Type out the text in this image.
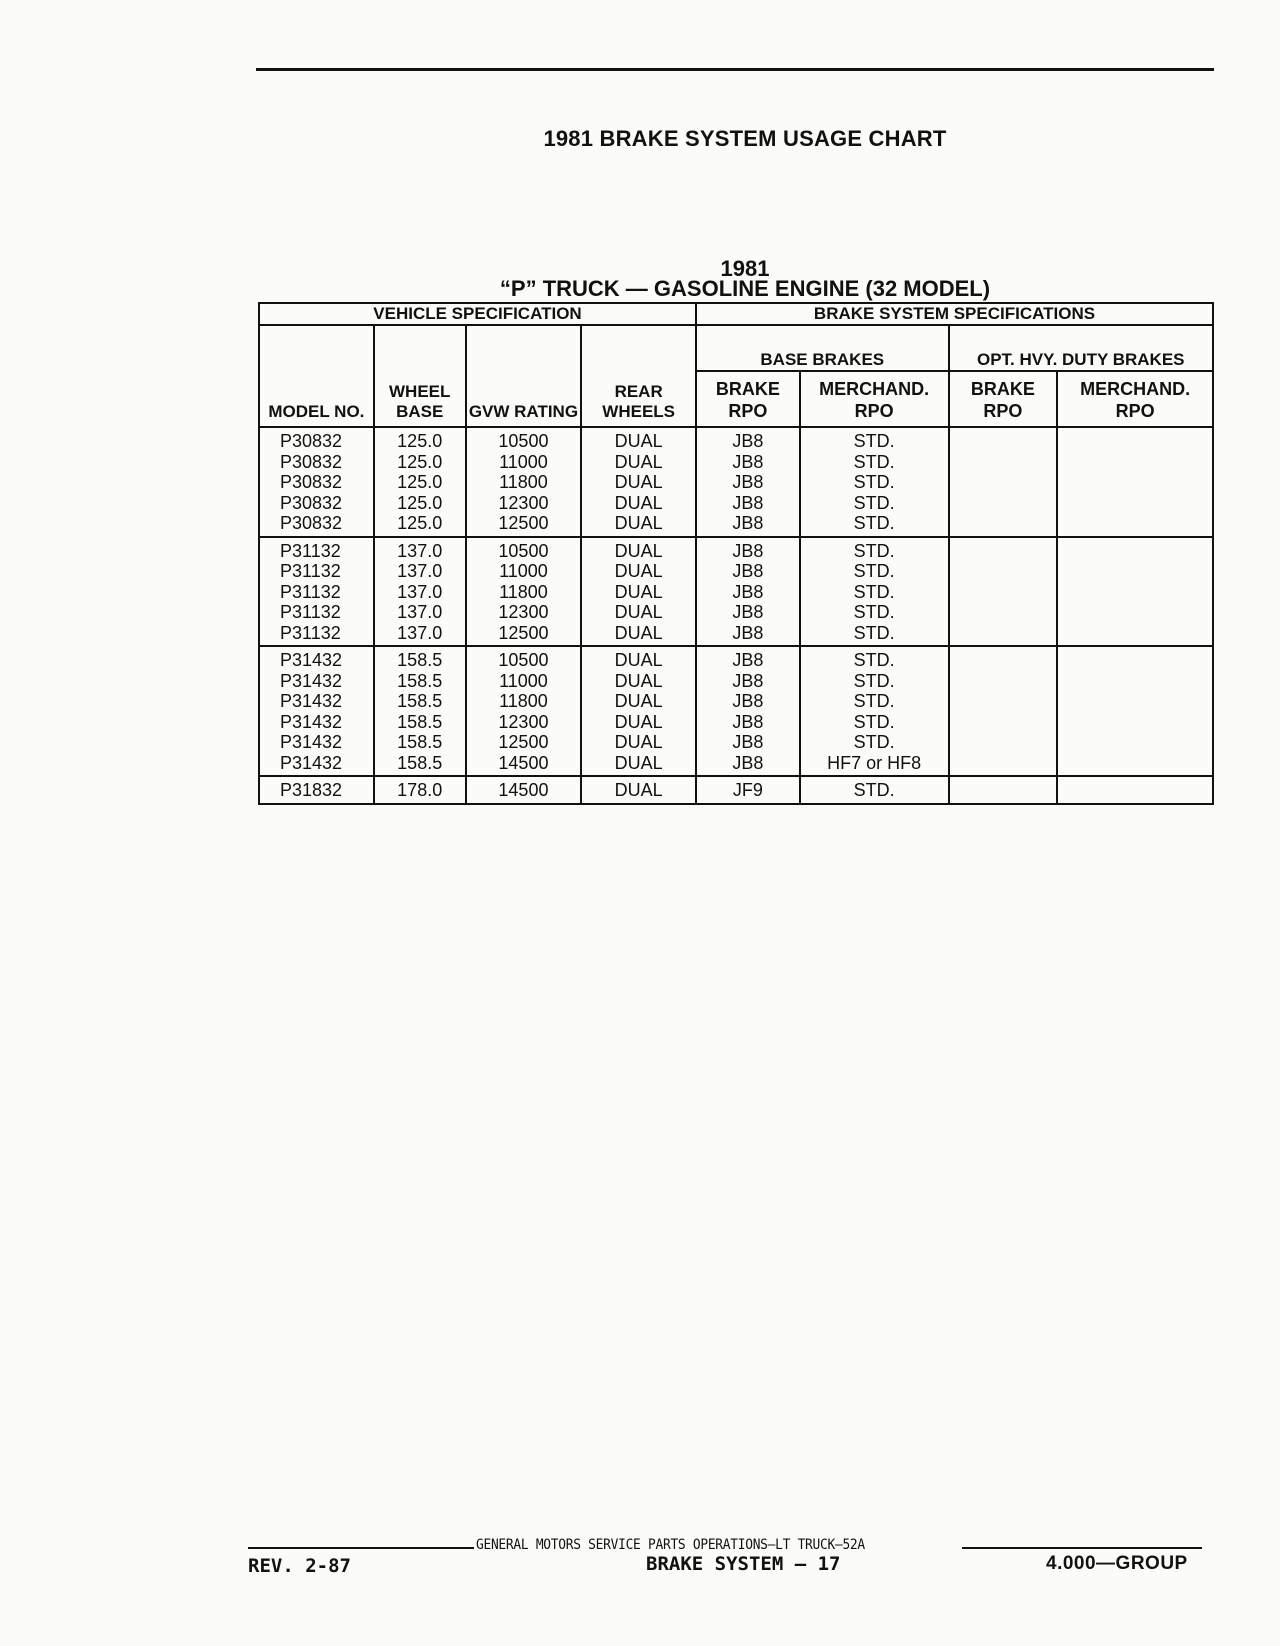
1981 BRAKE SYSTEM USAGE CHART
1981
“P” TRUCK — GASOLINE ENGINE (32 MODEL)
VEHICLE SPECIFICATION				BRAKE SYSTEM SPECIFICATIONS			
MODEL NO.	WHEEL BASE	GVW RATING	REAR WHEELS	BASE BRAKES		OPT. HVY. DUTY BRAKES	
				BRAKE RPO	MERCHAND. RPO	BRAKE RPO	MERCHAND. RPO
P30832	125.0	10500	DUAL	JB8	STD.		
P30832	125.0	11000	DUAL	JB8	STD.		
P30832	125.0	11800	DUAL	JB8	STD.		
P30832	125.0	12300	DUAL	JB8	STD.		
P30832	125.0	12500	DUAL	JB8	STD.		
P31132	137.0	10500	DUAL	JB8	STD.		
P31132	137.0	11000	DUAL	JB8	STD.		
P31132	137.0	11800	DUAL	JB8	STD.		
P31132	137.0	12300	DUAL	JB8	STD.		
P31132	137.0	12500	DUAL	JB8	STD.		
P31432	158.5	10500	DUAL	JB8	STD.		
P31432	158.5	11000	DUAL	JB8	STD.		
P31432	158.5	11800	DUAL	JB8	STD.		
P31432	158.5	12300	DUAL	JB8	STD.		
P31432	158.5	12500	DUAL	JB8	STD.		
P31432	158.5	14500	DUAL	JB8	HF7 or HF8		
P31832	178.0	14500	DUAL	JF9	STD.		
GENERAL MOTORS SERVICE PARTS OPERATIONS—LT TRUCK—52A
REV. 2-87	BRAKE SYSTEM — 17	4.000—GROUP
